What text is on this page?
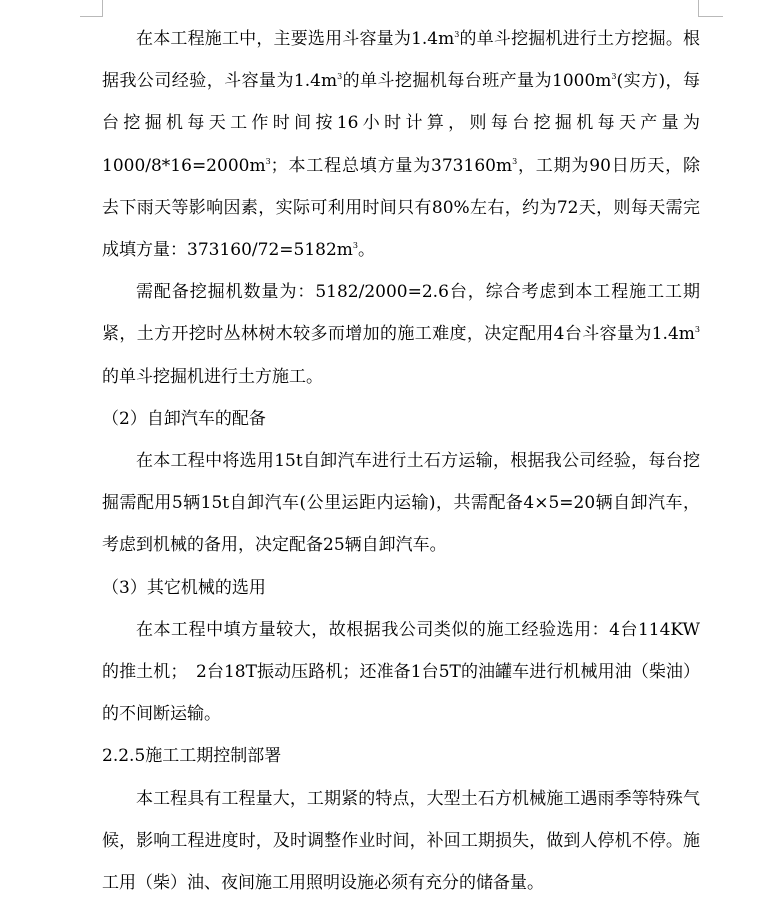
在本工程施工中，主要选用斗容量为$1.4m^3$的单斗挖掘机进行土方挖掘。根据我公司经验，斗容量为$1.4m^3$的单斗挖掘机每台班产量为$1000m^3$(实方)，每台挖掘机每天工作时间按16小时计算，则每台挖掘机每天产量为$1000/8*16=2000m^3$；本工程总填方量为$373160m^3$，工期为90日历天，除去下雨天等影响因素，实际可利用时间只有80%左右，约为72天，则每天需完成填方量：$373160/72=5182m^3$。

需配备挖掘机数量为：5182/2000=2.6台，综合考虑到本工程施工工期紧，土方开挖时丛林树木较多而增加的施工难度，决定配用4台斗容量为$1.4m^3$的单斗挖掘机进行土方施工。

（2）自卸汽车的配备

在本工程中将选用15t自卸汽车进行土石方运输，根据我公司经验，每台挖掘需配用5辆15t自卸汽车(公里运距内运输)，共需配备4×5=20辆自卸汽车，考虑到机械的备用，决定配备25辆自卸汽车。

（3）其它机械的选用

在本工程中填方量较大，故根据我公司类似的施工经验选用：4台114KW的推土机；　2台18T振动压路机；还准备1台5T的油罐车进行机械用油（柴油）的不间断运输。

2.2.5施工工期控制部署

本工程具有工程量大，工期紧的特点，大型土石方机械施工遇雨季等特殊气候，影响工程进度时，及时调整作业时间，补回工期损失，做到人停机不停。施工用（柴）油、夜间施工用照明设施必须有充分的储备量。
